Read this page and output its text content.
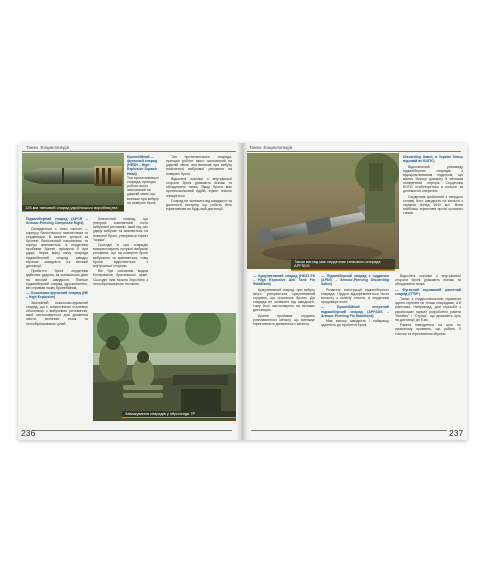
Танки. Енциклопедія
125-мм танковий снаряд українського виробництва
Бронебійний — фугасний снаряд (HESH – High Explosive Squash Head)
Тип протитанкового снаряда, принцип роботи якого заснований на ударній хвилі, що виникає при вибуху на поверхні броні.

Підкаліберний снаряд (APCR – Armour-Piercing Composite Rigid)

Складається з тіньо частин — корпусу, балістичного наконечника та сердечника. В момент зустрічі за бронею балістичний наконечник та корпус зминаються, а сердечник пробиває броню, врізаючи її при ударі. Через малу масу снаряда підкаліберний снаряд швидко втрачає швидкість на великій дистанції.

Пробиття броні сердечник здійснює ударом, за зовнішньою дією на високій швидкості. Пізніше підкаліберний снаряд удосконалено, він отримав назву бронебійний.

— Осколково-фугасний снаряд (HE – High Explosive)

Звичайний осколково-фугасний снаряд, що є тонкостінною сталевою оболонкою з вибуховою речовиною, який застосовується для ураження піхоти, вогневих точок та легкоброньованих цілей.

Кінетичний снаряд, що утворює компактний потік вибухової речовини, який під час удару вибухає та зминається на поверхні броні, утворюючи ефект "коржа".

Сьогодні в цих снарядів використовують потужні вибухові речовини, що на поверхні броні вибухають та зминаються, тому броня відколюється з внутрішньої сторони.

Він був основним видом боєприпасів британської армії. Сьогодні ним можна боротися з легкоброньованою технікою.

Тип протитанкового снаряда, принцип роботи якого заснований на ударній хвилі, яка виникає при вибуху пластичної вибухової речовини на поверхні броні.

Відколені осколки з внутрішньої сторони броні уражають екіпаж та обладнання танка. Якщо броня має протиосколковий підбій, ефект значно знижується.

Снаряд не залежить від швидкості та дальності пострілу, що робить його ефективним на будь-якій дистанції.

Заважування снарядів у гібронсиди 7Р
236
Танки. Енциклопедія
Також вигляд має сердечник танкового снаряда APFSDS

Discarding Sabot, в Україні більш відомий як БОПС)

Відколюючий різновиду підкаліберних снарядів з відокремлюваним піддоном, що мають більшу довжину й меншим поперечний переріз. Сердечник БОПС стабілізується в польоті за допомогою оперення.

Сердечник зроблений з твердого сплаву, його швидкість на вильоті з гармати понад 1600 м/с. Вони найбільш ефективні проти сучасних танків.

— Кумулятивний снаряд (HEAT-FS – High Explosive Anti Tank Fin Stabilised)

Кумулятивний снаряд, при вибуху якого утворюється кумулятивний струмінь, що пропалює броню. Дія снаряда не залежить від швидкості, тому його застосовують на великих дистанціях.

Броню пробиває струмінь розплавленого металу, що зменшує ефективність динамічного захисту.

— Підкаліберний снаряд з піддоном (APDS – Armour-Piercing Discarding Sabot)

Розвиток конструкції підкаліберного снаряда. Піддон відокремлюється після вильоту з каналу ствола, а сердечник продовжує політ.

— Бронебійний оперений підкаліберний снаряд (APFSDS – Armour-Piercing Fin Stabilised)

Має високу швидкість і найкращу здатність до пробиття броні.

Відколені осколки з внутрішньої сторони броні уражають екіпаж та обладнання танка.

— Фугасний керований ракетний снаряд (ПТКР)

Танки з гладкоствольною гарматою здатні стріляти не тільки снарядами, а й ракетами. Наприклад, для стрільби з українських гармат розроблено ракети "Комбат" і "Стугна", що вражають ціль на дистанції до 5 км.

Ракета наводиться на ціль по лазерному променю, що робить її точною та ефективною зброєю.

237
